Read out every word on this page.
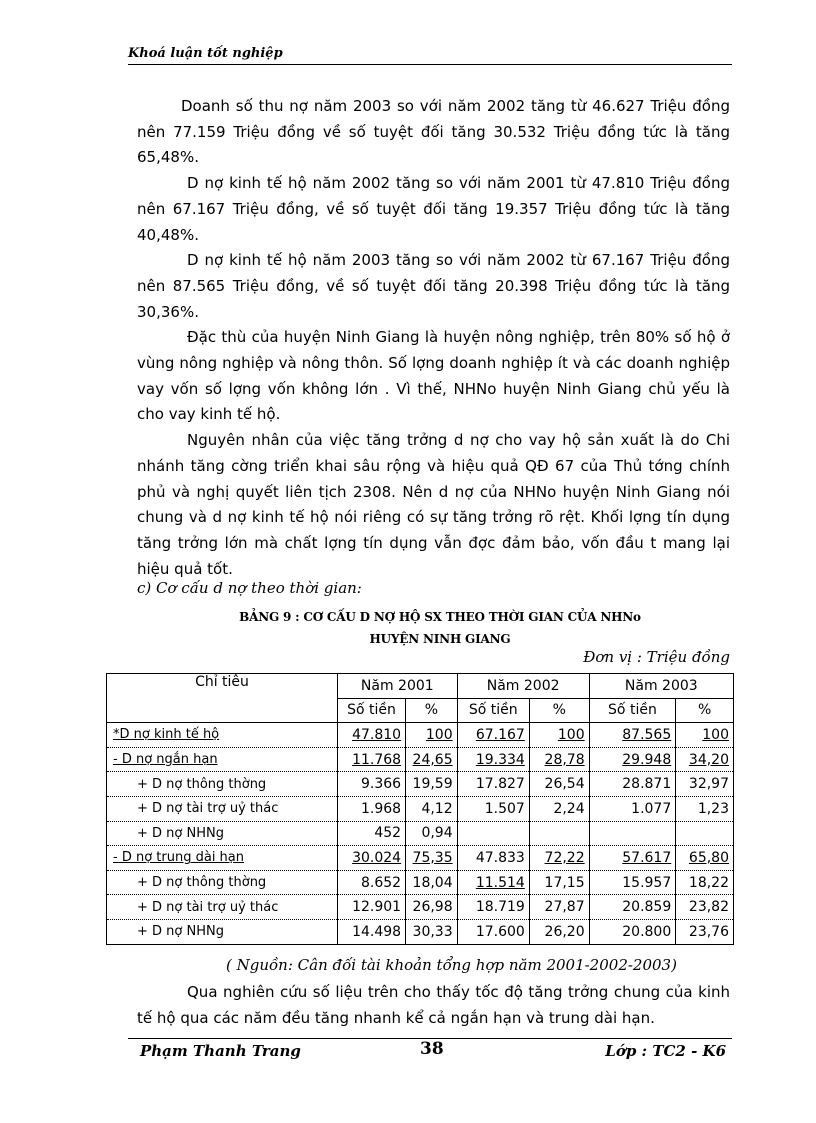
Khoá luận tốt nghiệp

Doanh số thu nợ năm 2003 so với năm 2002 tăng từ 46.627 Triệu đồng nên 77.159 Triệu đồng về số tuyệt đối tăng 30.532 Triệu đồng tức là tăng 65,48%.

D nợ kinh tế hộ năm 2002 tăng so với năm 2001 từ 47.810 Triệu đồng nên 67.167 Triệu đồng, về số tuyệt đối tăng 19.357 Triệu đồng tức là tăng 40,48%.

D nợ kinh tế hộ năm 2003 tăng so với năm 2002 từ 67.167 Triệu đồng nên 87.565 Triệu đồng, về số tuyệt đối tăng 20.398 Triệu đồng tức là tăng 30,36%.

Đặc thù của huyện Ninh Giang là huyện nông nghiệp, trên 80% số hộ ở vùng nông nghiệp và nông thôn. Số lợng doanh nghiệp ít và các doanh nghiệp vay vốn số lợng vốn không lớn . Vì thế, NHNo huyện Ninh Giang chủ yếu là cho vay kinh tế hộ.

Nguyên nhân của việc tăng trởng d nợ cho vay hộ sản xuất là do Chi nhánh tăng cờng triển khai sâu rộng và hiệu quả QĐ 67 của Thủ tớng chính phủ và nghị quyết liên tịch 2308. Nên d nợ của NHNo huyện Ninh Giang nói chung và d nợ kinh tế hộ nói riêng có sự tăng trởng rõ rệt. Khối lợng tín dụng tăng trởng lớn mà chất lợng tín dụng vẫn đợc đảm bảo, vốn đầu t mang lại hiệu quả tốt.

c) Cơ cấu d nợ theo thời gian:
BẢNG 9 : CƠ CẤU D NỢ HỘ SX THEO THỜI GIAN CỦA NHNo
HUYỆN NINH GIANG
Đơn vị : Triệu đồng
Chỉ tiêu	Năm 2001		Năm 2002		Năm 2003	
	Số tiền	%	Số tiền	%	Số tiền	%
*D nợ kinh tế hộ	47.810	100	67.167	100	87.565	100
- D nợ ngắn hạn	11.768	24,65	19.334	28,78	29.948	34,20
+ D nợ thông thờng	9.366	19,59	17.827	26,54	28.871	32,97
+ D nợ tài trợ uỷ thác	1.968	4,12	1.507	2,24	1.077	1,23
+ D nợ NHNg	452	0,94				
- D nợ trung dài hạn	30.024	75,35	47.833	72,22	57.617	65,80
+ D nợ thông thờng	8.652	18,04	11.514	17,15	15.957	18,22
+ D nợ tài trợ uỷ thác	12.901	26,98	18.719	27,87	20.859	23,82
+ D nợ NHNg	14.498	30,33	17.600	26,20	20.800	23,76
( Nguồn: Cân đối tài khoản tổng hợp năm 2001-2002-2003)

Qua nghiên cứu số liệu trên cho thấy tốc độ tăng trởng chung của kinh tế hộ qua các năm đều tăng nhanh kể cả ngắn hạn và trung dài hạn.

Phạm Thanh Trang	38	Lớp : TC2 - K6
